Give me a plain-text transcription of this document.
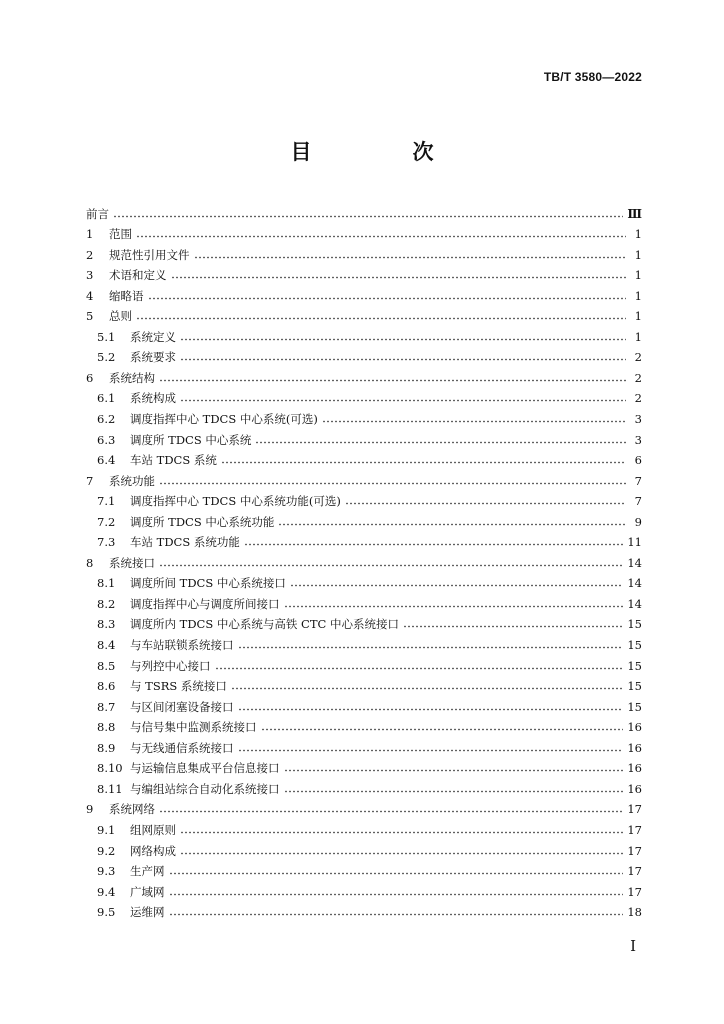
TB/T 3580—2022
目　次
前言	Ⅲ
1	范围	1
2	规范性引用文件	1
3	术语和定义	1
4	缩略语	1
5	总则	1
5.1	系统定义	1
5.2	系统要求	2
6	系统结构	2
6.1	系统构成	2
6.2	调度指挥中心 TDCS 中心系统(可选)	3
6.3	调度所 TDCS 中心系统	3
6.4	车站 TDCS 系统	6
7	系统功能	7
7.1	调度指挥中心 TDCS 中心系统功能(可选)	7
7.2	调度所 TDCS 中心系统功能	9
7.3	车站 TDCS 系统功能	11
8	系统接口	14
8.1	调度所间 TDCS 中心系统接口	14
8.2	调度指挥中心与调度所间接口	14
8.3	调度所内 TDCS 中心系统与高铁 CTC 中心系统接口	15
8.4	与车站联锁系统接口	15
8.5	与列控中心接口	15
8.6	与 TSRS 系统接口	15
8.7	与区间闭塞设备接口	15
8.8	与信号集中监测系统接口	16
8.9	与无线通信系统接口	16
8.10 与运输信息集成平台信息接口	16
8.11 与编组站综合自动化系统接口	16
9	系统网络	17
9.1	组网原则	17
9.2	网络构成	17
9.3	生产网	17
9.4	广域网	17
9.5	运维网	18
I
